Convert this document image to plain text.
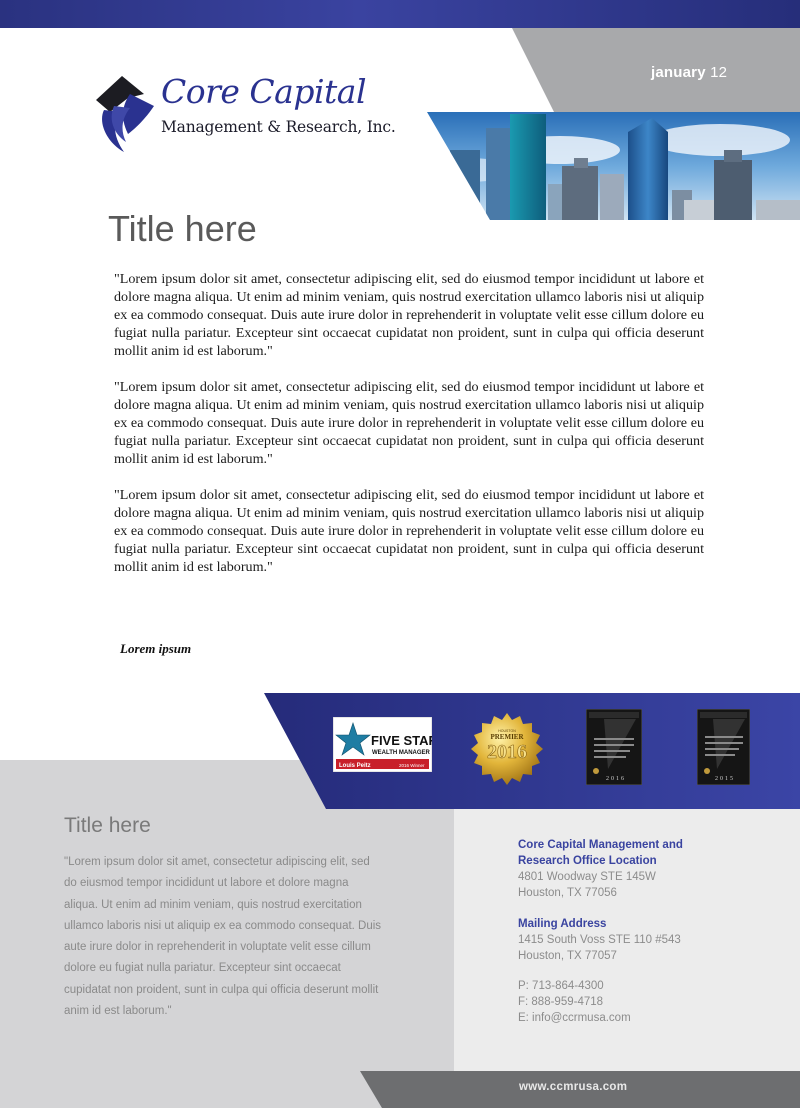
january 12
Core Capital
Management & Research, Inc.
Title here

"Lorem ipsum dolor sit amet, consectetur adipiscing elit, sed do eiusmod tempor incididunt ut labore et dolore magna aliqua. Ut enim ad minim veniam, quis nostrud exercitation ullamco laboris nisi ut aliquip ex ea commodo consequat. Duis aute irure dolor in reprehenderit in voluptate velit esse cillum dolore eu fugiat nulla pariatur. Excepteur sint occaecat cupidatat non proident, sunt in culpa qui officia deserunt mollit anim id est laborum."

"Lorem ipsum dolor sit amet, consectetur adipiscing elit, sed do eiusmod tempor incididunt ut labore et dolore magna aliqua. Ut enim ad minim veniam, quis nostrud exercitation ullamco laboris nisi ut aliquip ex ea commodo consequat. Duis aute irure dolor in reprehenderit in voluptate velit esse cillum dolore eu fugiat nulla pariatur. Excepteur sint occaecat cupidatat non proident, sunt in culpa qui officia deserunt mollit anim id est laborum."

"Lorem ipsum dolor sit amet, consectetur adipiscing elit, sed do eiusmod tempor incididunt ut labore et dolore magna aliqua. Ut enim ad minim veniam, quis nostrud exercitation ullamco laboris nisi ut aliquip ex ea commodo consequat. Duis aute irure dolor in reprehenderit in voluptate velit esse cillum dolore eu fugiat nulla pariatur. Excepteur sint occaecat cupidatat non proident, sunt in culpa qui officia deserunt mollit anim id est laborum."

Lorem ipsum
FIVE STAR
WEALTH MANAGER
Louis Peitz	2016 Winner
HOUSTON
PREMIER
2016
2016	2015
Title here

"Lorem ipsum dolor sit amet, consectetur adipiscing elit, sed do eiusmod tempor incididunt ut labore et dolore magna aliqua. Ut enim ad minim veniam, quis nostrud exercitation ullamco laboris nisi ut aliquip ex ea commodo consequat. Duis aute irure dolor in reprehenderit in voluptate velit esse cillum dolore eu fugiat nulla pariatur. Excepteur sint occaecat cupidatat non proident, sunt in culpa qui officia deserunt mollit anim id est laborum."

Core Capital Management and

Research Office Location

4801 Woodway STE 145W

Houston, TX 77056

Mailing Address

1415 South Voss STE 110 #543

Houston, TX 77057

P: 713-864-4300

F: 888-959-4718

E: info@ccrmusa.com

www.ccmrusa.com
